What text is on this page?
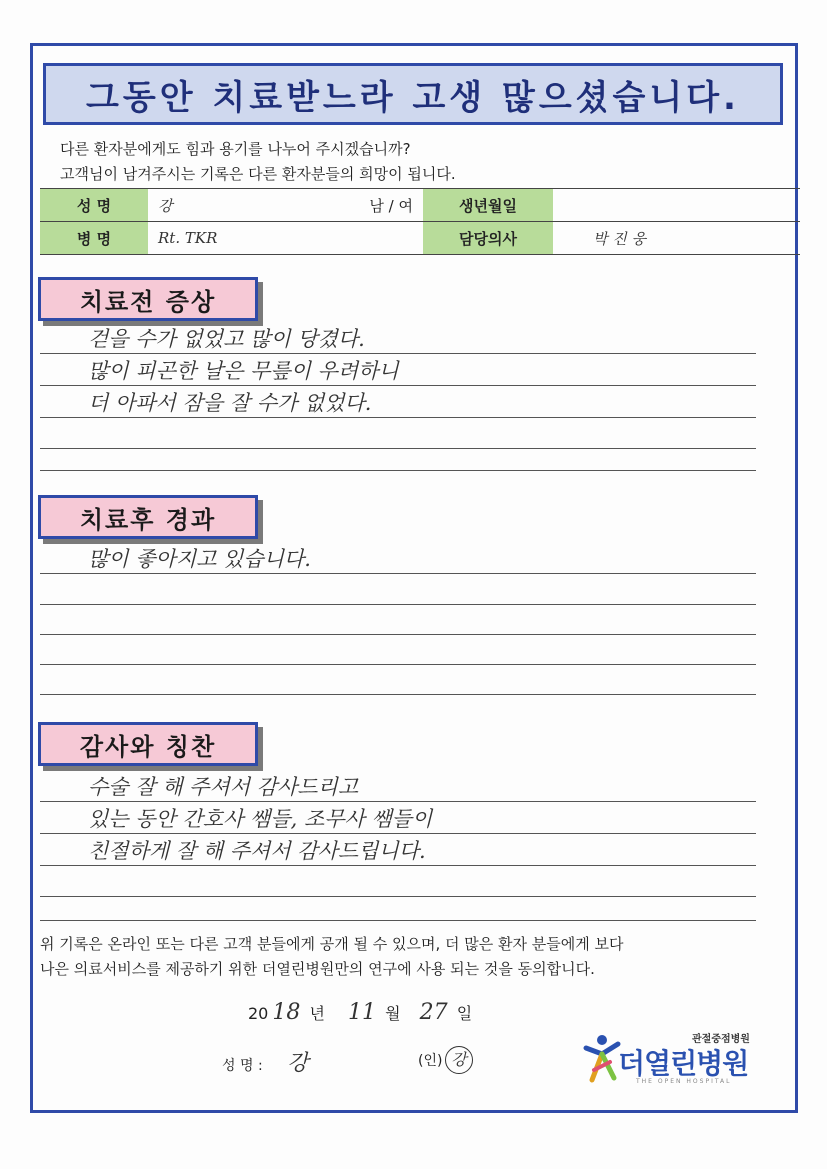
그동안 치료받느라 고생 많으셨습니다.
다른 환자분에게도 힘과 용기를 나누어 주시겠습니까?
고객님이 남겨주시는 기록은 다른 환자분들의 희망이 됩니다.
성 명	강	남 / 여	생년월일	
병 명	Rt. TKR		담당의사	박 진 웅
치료전 증상
걷을 수가 없었고 많이 당겼다.
많이 피곤한 날은 무릎이 우려하니
더 아파서 잠을 잘 수가 없었다.
치료후 경과
많이 좋아지고 있습니다.
감사와 칭찬
수술 잘 해 주셔서 감사드리고
있는 동안 간호사 쌤들, 조무사 쌤들이
친절하게 잘 해 주셔서 감사드립니다.
위 기록은 온라인 또는 다른 고객 분들에게 공개 될 수 있으며, 더 많은 환자 분들에게 보다
나은 의료서비스를 제공하기 위한 더열린병원만의 연구에 사용 되는 것을 동의합니다.
20 18 년 11 월 27 일
성 명 : 강	(인) 강
관절중점병원
더열린병원
THE OPEN HOSPITAL
